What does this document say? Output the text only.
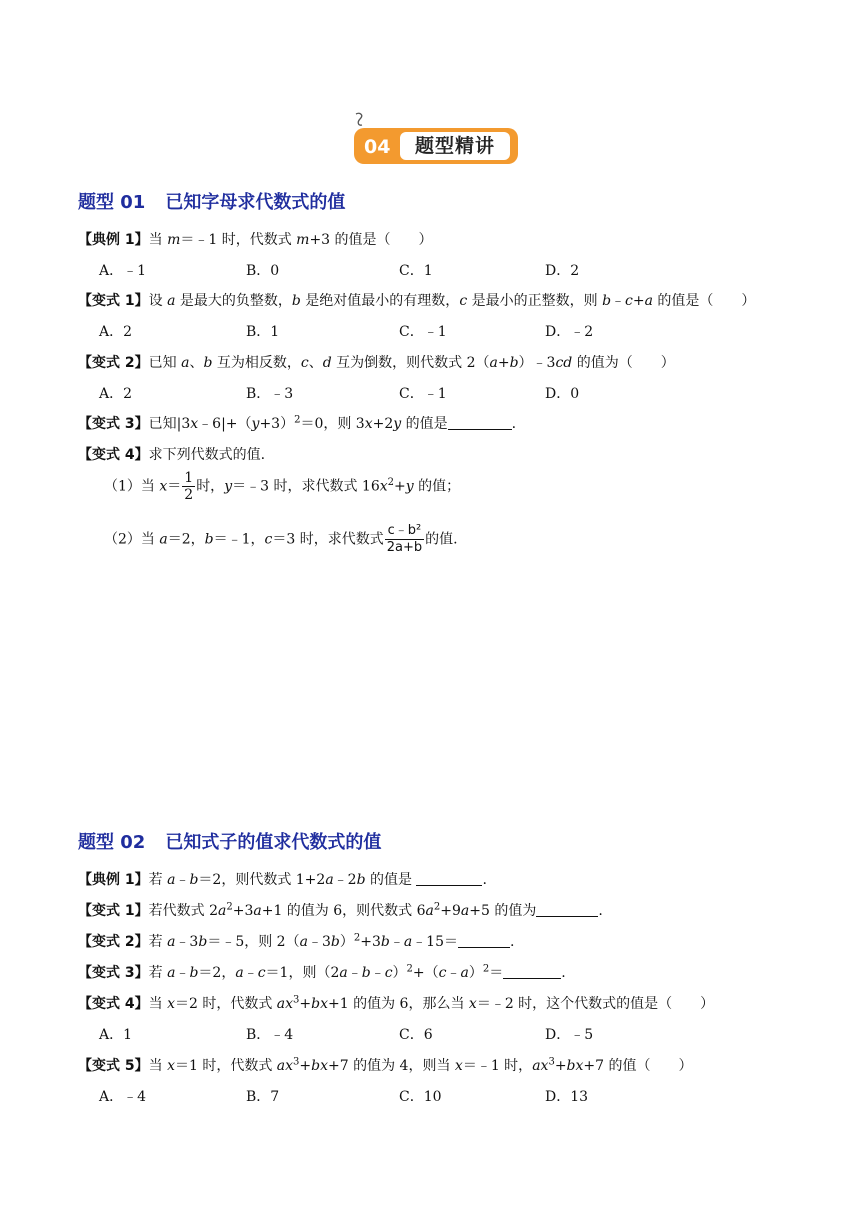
04	题型精讲
题型 01 已知字母求代数式的值
【典例 1】当 m＝﹣1 时，代数式 m+3 的值是（　　）
A．﹣1	B．0	C．1	D．2
【变式 1】设 a 是最大的负整数，b 是绝对值最小的有理数，c 是最小的正整数，则 b﹣c+a 的值是（　　）
A．2	B．1	C．﹣1	D．﹣2
【变式 2】已知 a、b 互为相反数，c、d 互为倒数，则代数式 2（a+b）﹣3cd 的值为（　　）
A．2	B．﹣3	C．﹣1	D．0
【变式 3】已知$|3x﹣6|+(y+3)^2=0$，则 3x+2y 的值是	.
【变式 4】求下列代数式的值.
（1）当 $x= \frac{1}{2}$ 时，y＝﹣3 时，求代数式 $16x^2+y$ 的值；
（2）当 a＝2，b＝﹣1，c＝3 时，求代数式 $\frac{\text{c﹣b²}}{2a+b}$ 的值.
题型 02 已知式子的值求代数式的值
【典例 1】若 a﹣b＝2，则代数式 1+2a﹣2b 的值是	.
【变式 1】若代数式 $2a^2+3a+1$ 的值为 6，则代数式 $6a^2+9a+5$ 的值为	.
【变式 2】若 a﹣3b＝﹣5，则 2（a﹣3b）$^2$+3b﹣a﹣15＝	.
【变式 3】若 a﹣b＝2，a﹣c＝1，则（2a﹣b﹣c）$^2$+（c﹣a）$^2$＝	.
【变式 4】当 x＝2 时，代数式 $ax^3+bx+1$ 的值为 6，那么当 x＝﹣2 时，这个代数式的值是（　　）
A．1	B．﹣4	C．6	D．﹣5
【变式 5】当 x＝1 时，代数式 $ax^3+bx+7$ 的值为 4，则当 x＝﹣1 时，$ax^3+bx+7$ 的值（　　）
A．﹣4	B．7	C．10	D．13
